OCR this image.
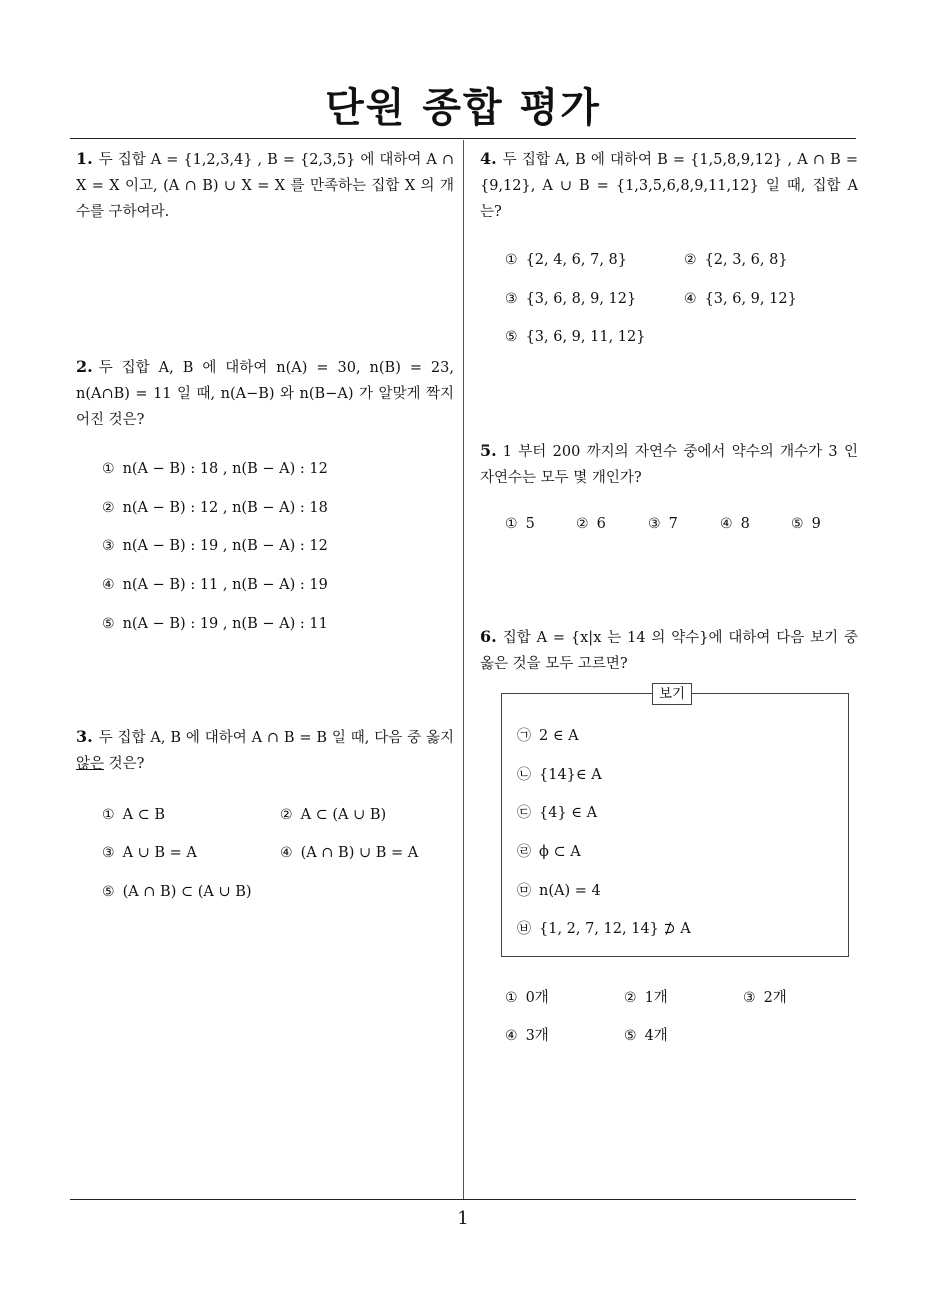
단원 종합 평가
1
1. 두 집합 A = {1,2,3,4} , B = {2,3,5} 에 대하여 A ∩ X = X 이고, (A ∩ B) ∪ X = X 를 만족하는 집합 X 의 개수를 구하여라.
2. 두 집합 A, B 에 대하여 n(A) = 30, n(B) = 23, n(A∩B) = 11 일 때, n(A−B) 와 n(B−A) 가 알맞게 짝지어진 것은?
① n(A − B) : 18 , n(B − A) : 12
② n(A − B) : 12 , n(B − A) : 18
③ n(A − B) : 19 , n(B − A) : 12
④ n(A − B) : 11 , n(B − A) : 19
⑤ n(A − B) : 19 , n(B − A) : 11
3. 두 집합 A, B 에 대하여 A ∩ B = B 일 때, 다음 중 옳지 않은 것은?
① A ⊂ B	② A ⊂ (A ∪ B)
③ A ∪ B = A	④ (A ∩ B) ∪ B = A
⑤ (A ∩ B) ⊂ (A ∪ B)
4. 두 집합 A, B 에 대하여 B = {1,5,8,9,12} , A ∩ B = {9,12}, A ∪ B = {1,3,5,6,8,9,11,12} 일 때, 집합 A 는?
① {2, 4, 6, 7, 8}	② {2, 3, 6, 8}
③ {3, 6, 8, 9, 12}	④ {3, 6, 9, 12}
⑤ {3, 6, 9, 11, 12}
5. 1 부터 200 까지의 자연수 중에서 약수의 개수가 3 인 자연수는 모두 몇 개인가?
① 5	② 6	③ 7	④ 8	⑤ 9
6. 집합 A = {x|x 는 14 의 약수}에 대하여 다음 보기 중 옳은 것을 모두 고르면?
보기
㉠ 2 ∈ A
㉡ {14}∈ A
㉢ {4} ∈ A
㉣ ϕ ⊂ A
㉤ n(A) = 4
㉥ {1, 2, 7, 12, 14} ⊅ A
① 0개	② 1개	③ 2개
④ 3개	⑤ 4개
